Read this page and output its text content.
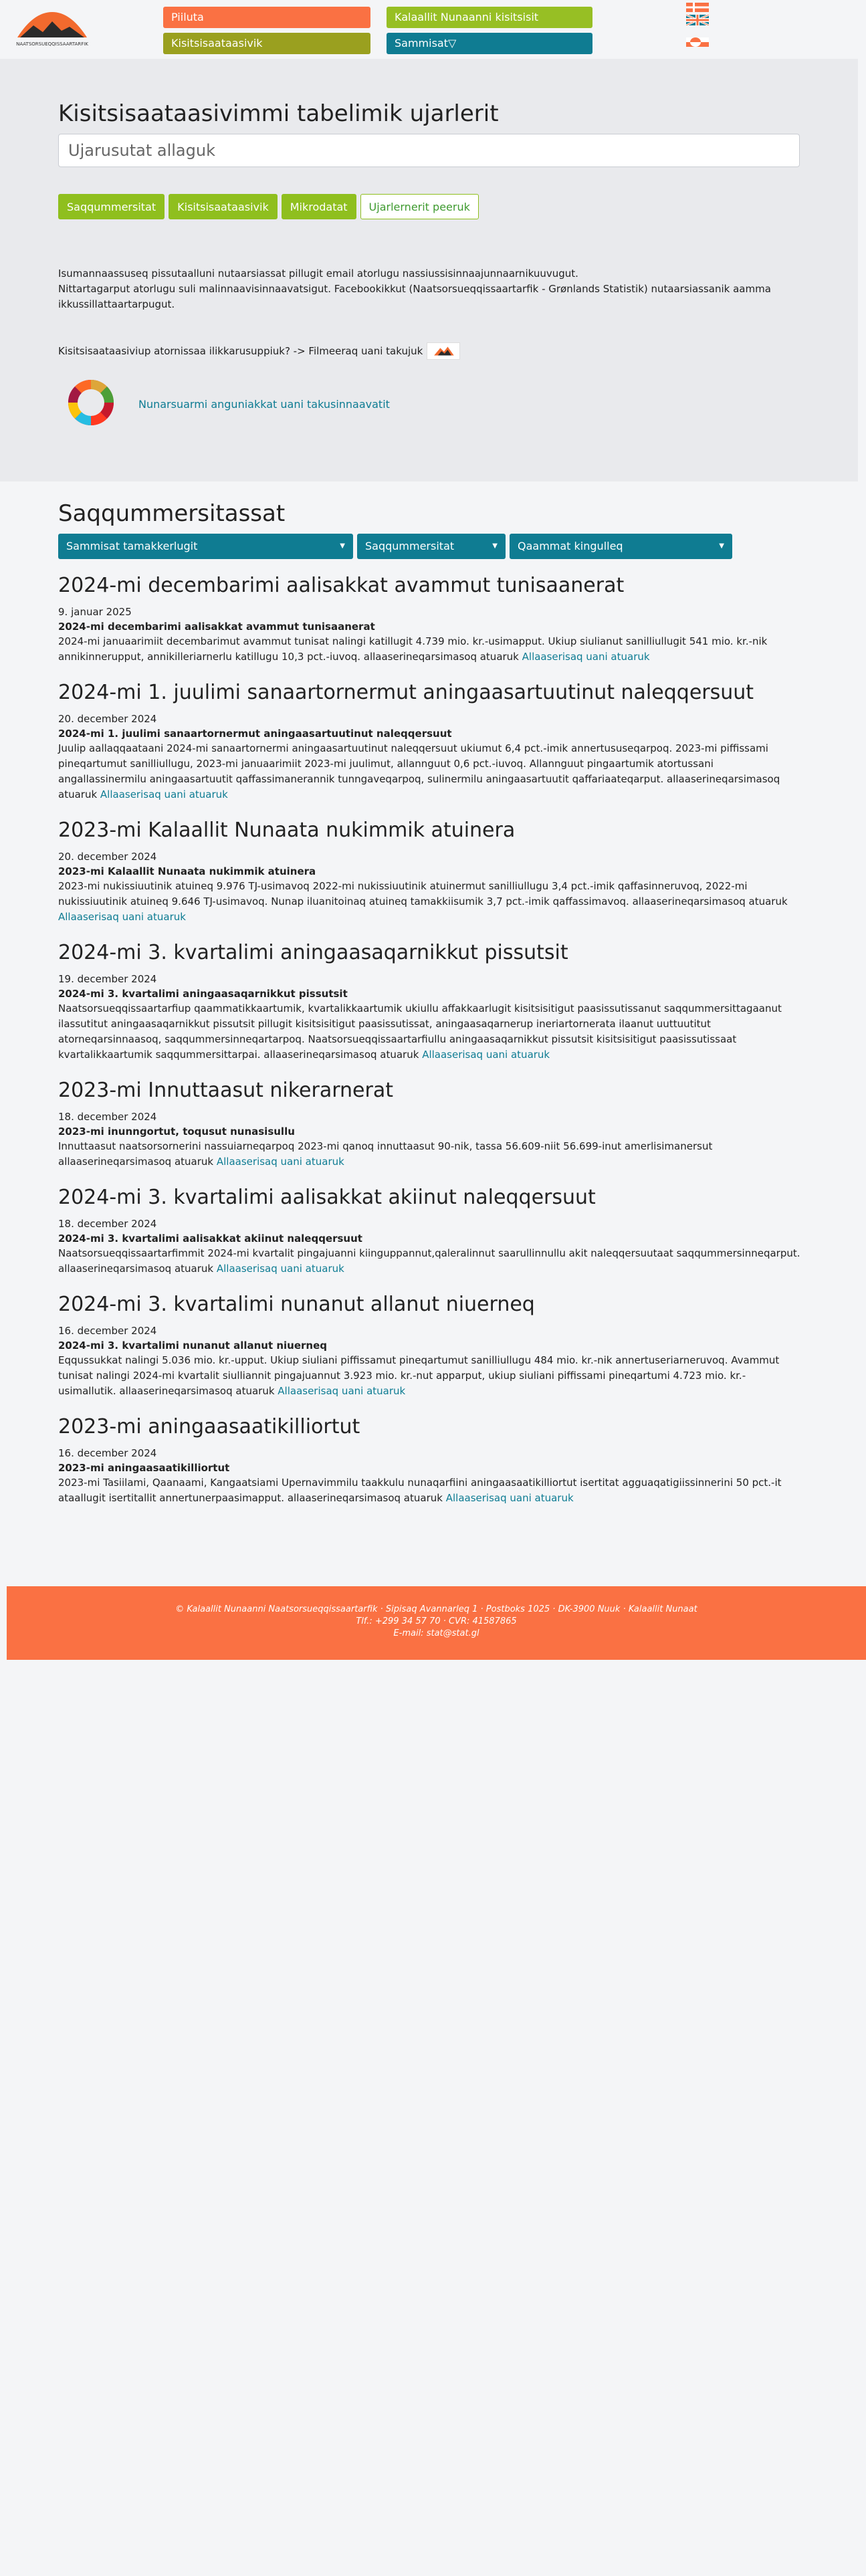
NAATSORSUEQQISSAARTARFIK
Piiluta	Kalaallit Nunaanni kisitsisit
Kisitsisaataasivik	Sammisat▽
Kisitsisaataasivimmi tabelimik ujarlerit
Ujarusutat allaguk
Saqqummersitat	Kisitsisaataasivik	Mikrodatat	Ujarlernerit peeruk
Isumannaassuseq pissutaalluni nutaarsiassat pillugit email atorlugu nassiussisinnaajunnaarnikuuvugut.
Nittartagarput atorlugu suli malinnaavisinnaavatsigut. Facebookikkut (Naatsorsueqqissaartarfik - Grønlands Statistik) nutaarsiassanik aamma ikkussillattaartarpugut.
Kisitsisaataasiviup atornissaa ilikkarusuppiuk? -> Filmeeraq uani takujuk
Nunarsuarmi anguniakkat uani takusinnaavatit
Saqqummersitassat
Sammisat tamakkerlugit	▼ Saqqummersitat	▼ Qaammat kingulleq	▼
2024-mi decembarimi aalisakkat avammut tunisaanerat
9. januar 2025
2024-mi decembarimi aalisakkat avammut tunisaanerat
2024-mi januaarimiit decembarimut avammut tunisat nalingi katillugit 4.739 mio. kr.-usimapput. Ukiup siulianut sanilliullugit 541 mio. kr.-nik annikinnerupput, annikilleriarnerlu katillugu 10,3 pct.-iuvoq. allaaserineqarsimasoq atuaruk Allaaserisaq uani atuaruk
2024-mi 1. juulimi sanaartornermut aningaasartuutinut naleqqersuut
20. december 2024
2024-mi 1. juulimi sanaartornermut aningaasartuutinut naleqqersuut
Juulip aallaqqaataani 2024-mi sanaartornermi aningaasartuutinut naleqqersuut ukiumut 6,4 pct.-imik annertususeqarpoq. 2023-mi piffissami pineqartumut sanilliullugu, 2023-mi januaarimiit 2023-mi juulimut, allannguut 0,6 pct.-iuvoq. Allannguut pingaartumik atortussani angallassinermilu aningaasartuutit qaffassimanerannik tunngaveqarpoq, sulinermilu aningaasartuutit qaffariaateqarput. allaaserineqarsimasoq atuaruk Allaaserisaq uani atuaruk
2023-mi Kalaallit Nunaata nukimmik atuinera
20. december 2024
2023-mi Kalaallit Nunaata nukimmik atuinera
2023-mi nukissiuutinik atuineq 9.976 TJ-usimavoq 2022-mi nukissiuutinik atuinermut sanilliullugu 3,4 pct.-imik qaffasinneruvoq, 2022-mi nukissiuutinik atuineq 9.646 TJ-usimavoq. Nunap iluanitoinaq atuineq tamakkiisumik 3,7 pct.-imik qaffassimavoq. allaaserineqarsimasoq atuaruk Allaaserisaq uani atuaruk
2024-mi 3. kvartalimi aningaasaqarnikkut pissutsit
19. december 2024
2024-mi 3. kvartalimi aningaasaqarnikkut pissutsit
Naatsorsueqqissaartarfiup qaammatikkaartumik, kvartalikkaartumik ukiullu affakkaarlugit kisitsisitigut paasissutissanut saqqummersittagaanut ilassutitut aningaasaqarnikkut pissutsit pillugit kisitsisitigut paasissutissat, aningaasaqarnerup ineriartornerata ilaanut uuttuutitut atorneqarsinnaasoq, saqqummersinneqartarpoq. Naatsorsueqqissaartarfiullu aningaasaqarnikkut pissutsit kisitsisitigut paasissutissaat kvartalikkaartumik saqqummersittarpai. allaaserineqarsimasoq atuaruk Allaaserisaq uani atuaruk
2023-mi Innuttaasut nikerarnerat
18. december 2024
2023-mi inunngortut, toqusut nunasisullu
Innuttaasut naatsorsornerini nassuiarneqarpoq 2023-mi qanoq innuttaasut 90-nik, tassa 56.609-niit 56.699-inut amerlisimanersut allaaserineqarsimasoq atuaruk Allaaserisaq uani atuaruk
2024-mi 3. kvartalimi aalisakkat akiinut naleqqersuut
18. december 2024
2024-mi 3. kvartalimi aalisakkat akiinut naleqqersuut
Naatsorsueqqissaartarfimmit 2024-mi kvartalit pingajuanni kiinguppannut,qaleralinnut saarullinnullu akit naleqqersuutaat saqqummersinneqarput. allaaserineqarsimasoq atuaruk Allaaserisaq uani atuaruk
2024-mi 3. kvartalimi nunanut allanut niuerneq
16. december 2024
2024-mi 3. kvartalimi nunanut allanut niuerneq
Eqqussukkat nalingi 5.036 mio. kr.-upput. Ukiup siuliani piffissamut pineqartumut sanilliullugu 484 mio. kr.-nik annertuseriarneruvoq. Avammut tunisat nalingi 2024-mi kvartalit siulliannit pingajuannut 3.923 mio. kr.-nut apparput, ukiup siuliani piffissami pineqartumi 4.723 mio. kr.-usimallutik. allaaserineqarsimasoq atuaruk Allaaserisaq uani atuaruk
2023-mi aningaasaatikilliortut
16. december 2024
2023-mi aningaasaatikilliortut
2023-mi Tasiilami, Qaanaami, Kangaatsiami Upernavimmilu taakkulu nunaqarfiini aningaasaatikilliortut isertitat agguaqatigiissinnerini 50 pct.-it ataallugit isertitallit annertunerpaasimapput. allaaserineqarsimasoq atuaruk Allaaserisaq uani atuaruk
© Kalaallit Nunaanni Naatsorsueqqissaartarfik · Sipisaq Avannarleq 1 · Postboks 1025 · DK-3900 Nuuk · Kalaallit Nunaat
Tlf.: +299 34 57 70 · CVR: 41587865
E-mail: stat@stat.gl
